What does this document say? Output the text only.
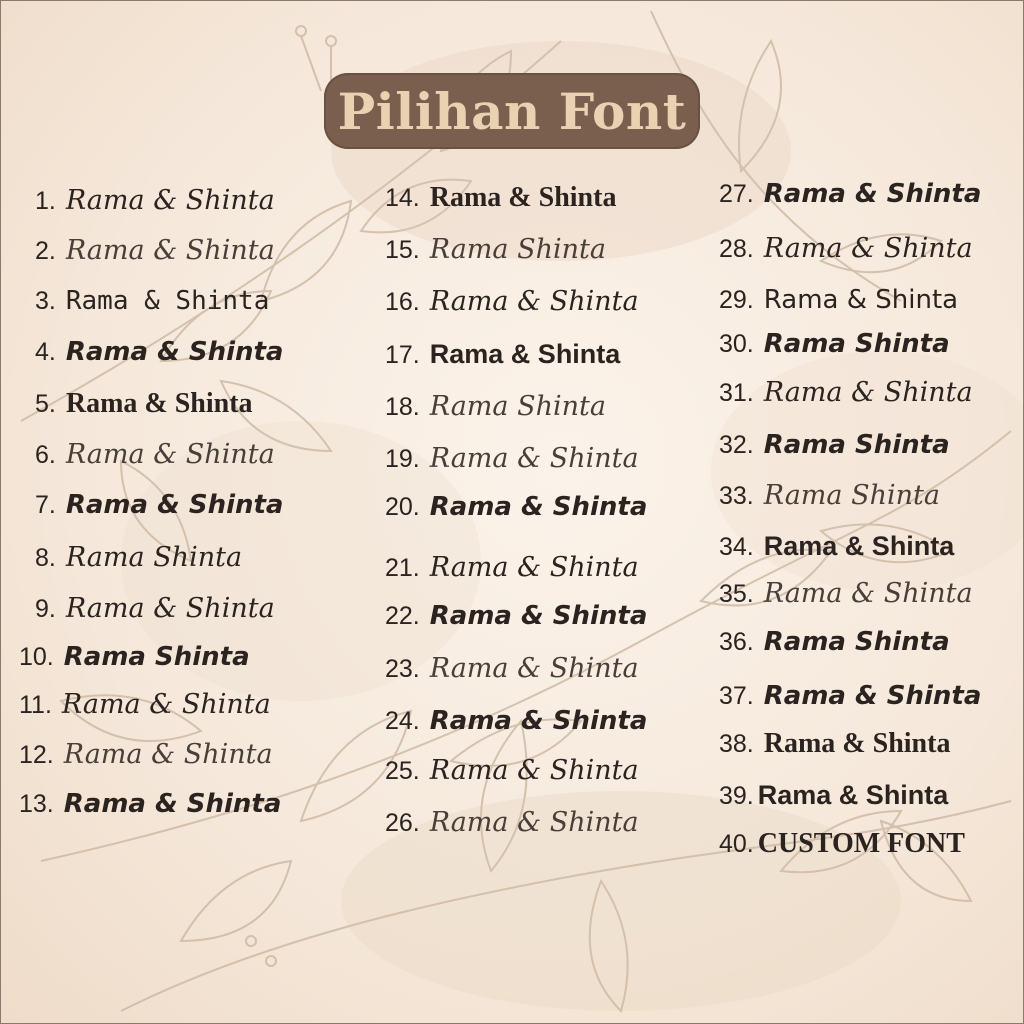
Pilihan Font
1. Rama & Shinta
2. Rama & Shinta
3. Rama & Shinta
4. Rama & Shinta
5. Rama & Shinta
6. Rama & Shinta
7. Rama & Shinta
8. Rama Shinta
9. Rama & Shinta
10. Rama Shinta
11. Rama & Shinta
12. Rama & Shinta
13. Rama & Shinta
14. Rama & Shinta
15. Rama Shinta
16. Rama & Shinta
17. Rama & Shinta
18. Rama Shinta
19. Rama & Shinta
20. Rama & Shinta
21. Rama & Shinta
22. Rama & Shinta
23. Rama & Shinta
24. Rama & Shinta
25. Rama & Shinta
26. Rama & Shinta
27. Rama & Shinta
28. Rama & Shinta
29. Rama & Shinta
30. Rama Shinta
31. Rama & Shinta
32. Rama Shinta
33. Rama Shinta
34. Rama & Shinta
35. Rama & Shinta
36. Rama Shinta
37. Rama & Shinta
38. Rama & Shinta
39. Rama & Shinta
40. CUSTOM FONT
